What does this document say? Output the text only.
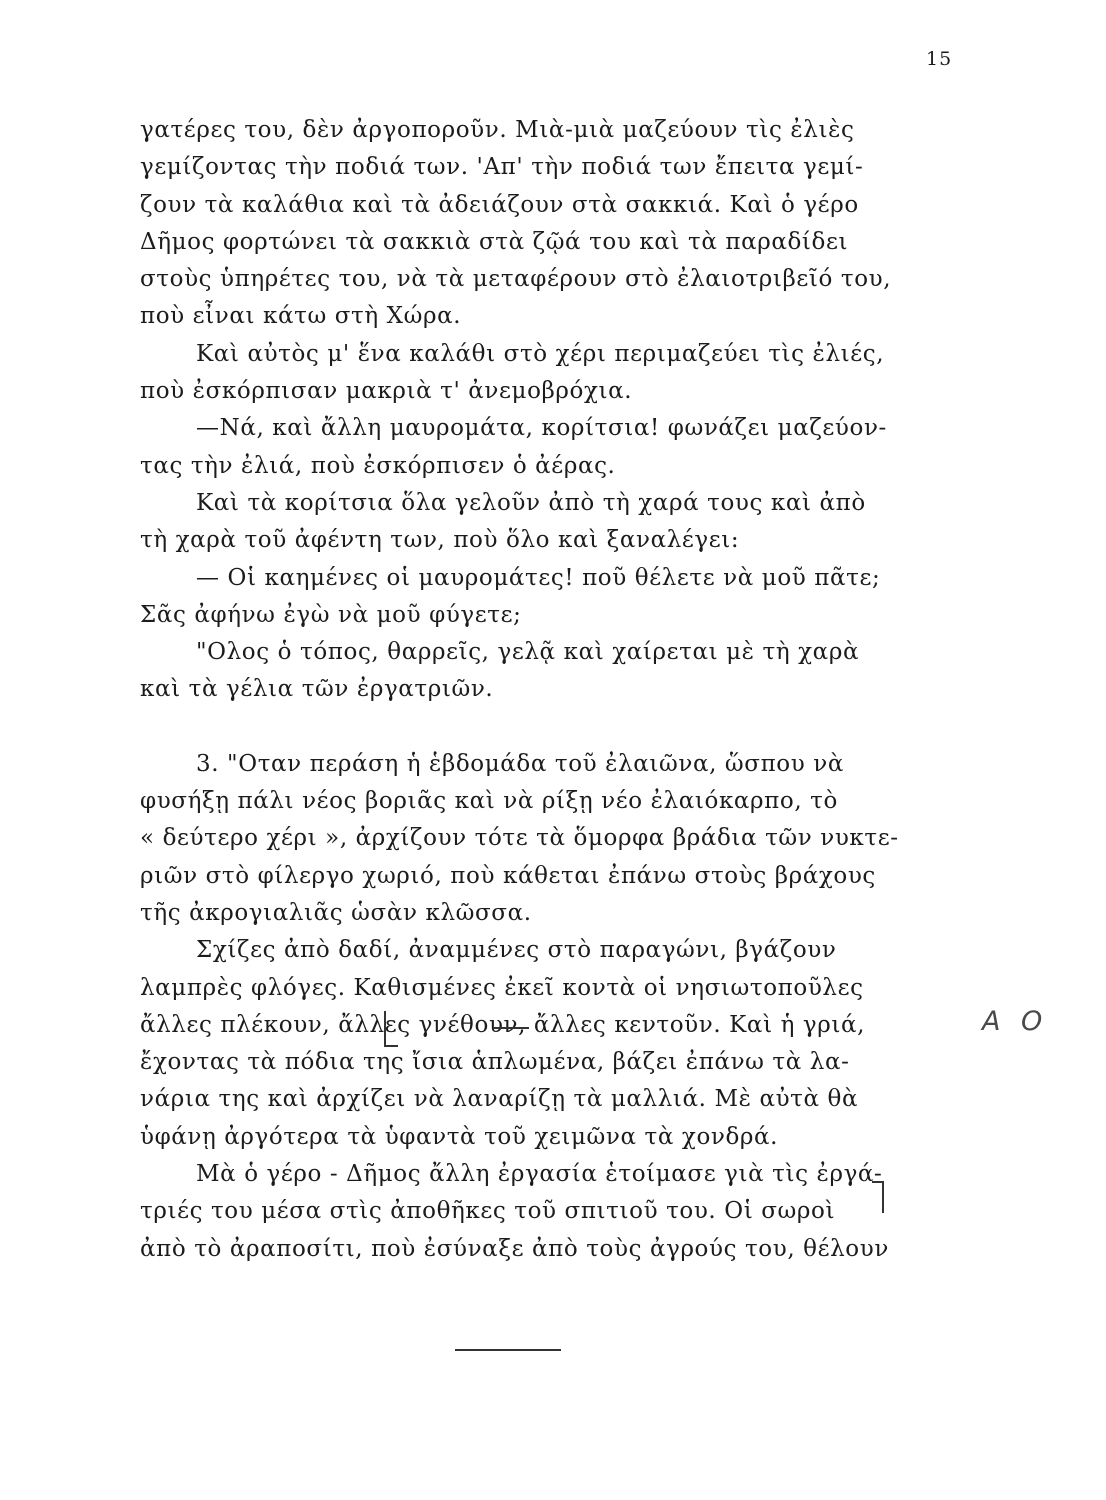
15
γατέρες του, δὲν ἀργοποροῦν. Μιὰ-μιὰ μαζεύουν τὶς ἐλιὲς
γεμίζοντας τὴν ποδιά των. 'Απ' τὴν ποδιά των ἔπειτα γεμί-
ζουν τὰ καλάθια καὶ τὰ ἀδειάζουν στὰ σακκιά. Καὶ ὁ γέρο
Δῆμος φορτώνει τὰ σακκιὰ στὰ ζῷά του καὶ τὰ παραδίδει
στοὺς ὑπηρέτες του, νὰ τὰ μεταφέρουν στὸ ἐλαιοτριβεῖό του,
ποὺ εἶναι κάτω στὴ Χώρα.
Καὶ αὐτὸς μ' ἕνα καλάθι στὸ χέρι περιμαζεύει τὶς ἐλιές,
ποὺ ἐσκόρπισαν μακριὰ τ' ἀνεμοβρόχια.
—Νά, καὶ ἄλλη μαυρομάτα, κορίτσια! φωνάζει μαζεύον-
τας τὴν ἐλιά, ποὺ ἐσκόρπισεν ὁ ἀέρας.
Καὶ τὰ κορίτσια ὅλα γελοῦν ἀπὸ τὴ χαρά τους καὶ ἀπὸ
τὴ χαρὰ τοῦ ἀφέντη των, ποὺ ὅλο καὶ ξαναλέγει:
— Οἱ καημένες οἱ μαυρομάτες! ποῦ θέλετε νὰ μοῦ πᾶτε;
Σᾶς ἀφήνω ἐγὼ νὰ μοῦ φύγετε;
"Ολος ὁ τόπος, θαρρεῖς, γελᾷ καὶ χαίρεται μὲ τὴ χαρὰ
καὶ τὰ γέλια τῶν ἐργατριῶν.
3. "Οταν περάση ἡ ἑβδομάδα τοῦ ἐλαιῶνα, ὥσπου νὰ
φυσήξῃ πάλι νέος βοριᾶς καὶ νὰ ρίξῃ νέο ἐλαιόκαρπο, τὸ
« δεύτερο χέρι », ἀρχίζουν τότε τὰ ὅμορφα βράδια τῶν νυκτε-
ριῶν στὸ φίλεργο χωριό, ποὺ κάθεται ἐπάνω στοὺς βράχους
τῆς ἀκρογιαλιᾶς ὡσὰν κλῶσσα.
Σχίζες ἀπὸ δαδί, ἀναμμένες στὸ παραγώνι, βγάζουν
λαμπρὲς φλόγες. Καθισμένες ἐκεῖ κοντὰ οἱ νησιωτοποῦλες
ἄλλες πλέκουν, ἄλλες γνέθουν, ἄλλες κεντοῦν. Καὶ ἡ γριά,
ἔχοντας τὰ πόδια της ἴσια ἁπλωμένα, βάζει ἐπάνω τὰ λα-
νάρια της καὶ ἀρχίζει νὰ λαναρίζῃ τὰ μαλλιά. Μὲ αὐτὰ θὰ
ὑφάνῃ ἀργότερα τὰ ὑφαντὰ τοῦ χειμῶνα τὰ χονδρά.
Μὰ ὁ γέρο - Δῆμος ἄλλη ἐργασία ἑτοίμασε γιὰ τὶς ἐργά-
τριές του μέσα στὶς ἀποθῆκες τοῦ σπιτιοῦ του. Οἱ σωροὶ
ἀπὸ τὸ ἀραποσίτι, ποὺ ἐσύναξε ἀπὸ τοὺς ἀγρούς του, θέλουν
Α Ο
